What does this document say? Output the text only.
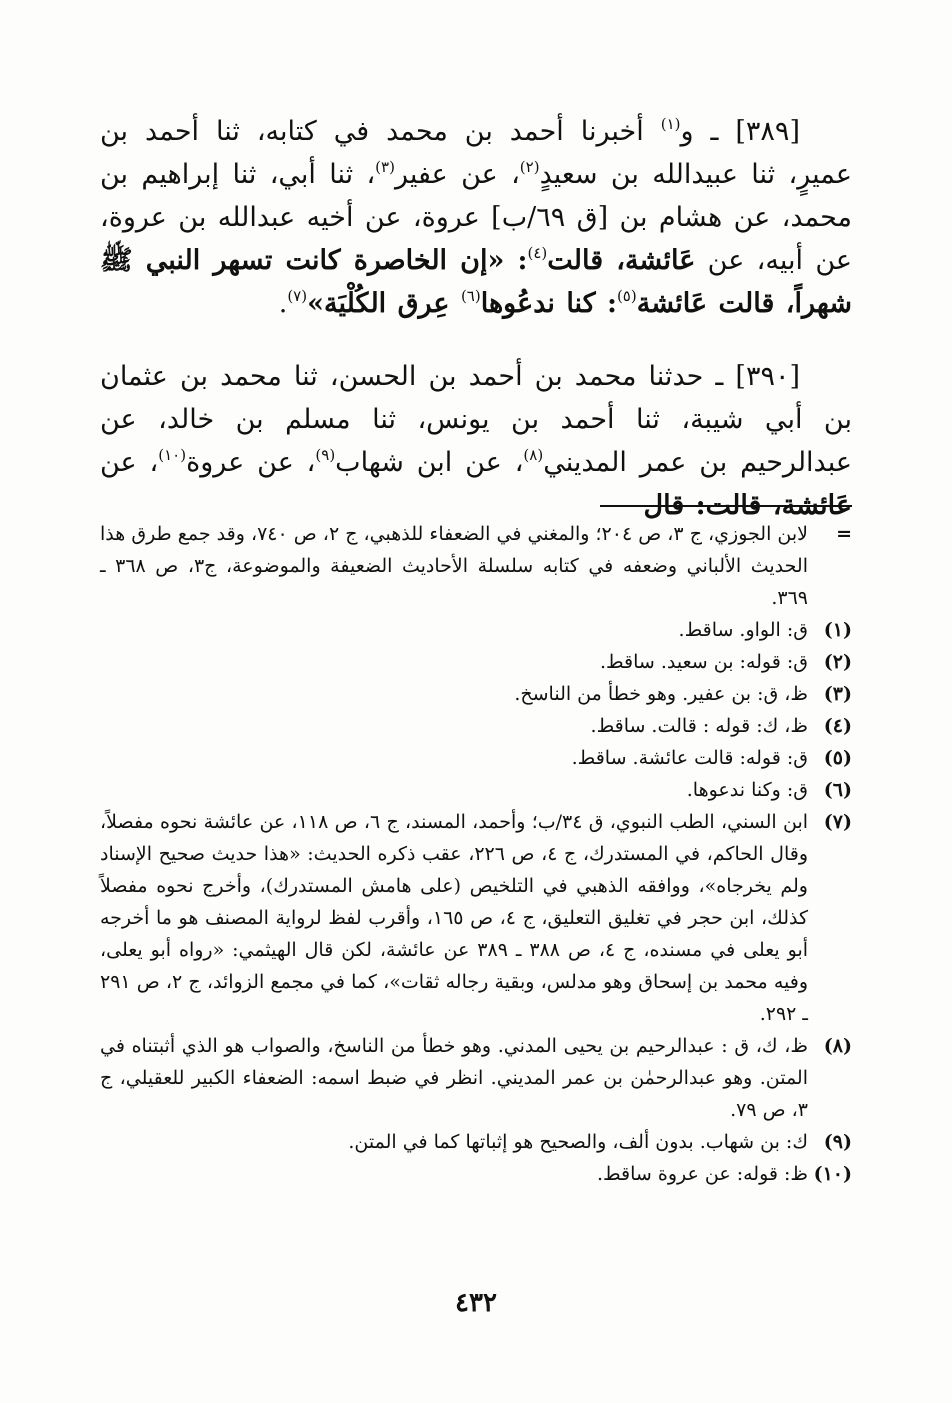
[٣٨٩] ـ و$^{(١)}$ أخبرنا أحمد بن محمد في كتابه، ثنا أحمد بن عميرٍ، ثنا عبيدالله بن سعيدٍ$^{(٢)}$، عن عفير$^{(٣)}$، ثنا أبي، ثنا إبراهيم بن محمد، عن هشام بن [ق ٦٩/ب] عروة، عن أخيه عبدالله بن عروة، عن أبيه، عن عَائشة، قالت$^{(٤)}$: «إن الخاصرة كانت تسهر النبي ﷺ شهراً، قالت عَائشة$^{(٥)}$: كنا ندعُوها$^{(٦)}$ عِرق الكُلْيَة»$^{(٧)}$.

[٣٩٠] ـ حدثنا محمد بن أحمد بن الحسن، ثنا محمد بن عثمان بن أبي شيبة، ثنا أحمد بن يونس، ثنا مسلم بن خالد، عن عبدالرحيم بن عمر المديني$^{(٨)}$، عن ابن شهاب$^{(٩)}$، عن عروة$^{(١٠)}$، عن عَائشة، قالت: قال

=
لابن الجوزي، ج ٣، ص ٢٠٤؛ والمغني في الضعفاء للذهبي، ج ٢، ص ٧٤٠، وقد جمع طرق هذا الحديث الألباني وضعفه في كتابه سلسلة الأحاديث الضعيفة والموضوعة، ج٣، ص ٣٦٨ ـ ٣٦٩.
(١)
ق: الواو. ساقط.
(٢)
ق: قوله: بن سعيد. ساقط.
(٣)
ظ، ق: بن عفير. وهو خطأ من الناسخ.
(٤)
ظ، ك: قوله : قالت. ساقط.
(٥)
ق: قوله: قالت عائشة. ساقط.
(٦)
ق: وكنا ندعوها.
(٧)
ابن السني، الطب النبوي، ق ٣٤/ب؛ وأحمد، المسند، ج ٦، ص ١١٨، عن عائشة نحوه مفصلاً، وقال الحاكم، في المستدرك، ج ٤، ص ٢٢٦، عقب ذكره الحديث: «هذا حديث صحيح الإسناد ولم يخرجاه»، ووافقه الذهبي في التلخيص (على هامش المستدرك)، وأخرج نحوه مفصلاً كذلك، ابن حجر في تغليق التعليق، ج ٤، ص ١٦٥، وأقرب لفظ لرواية المصنف هو ما أخرجه أبو يعلى في مسنده، ج ٤، ص ٣٨٨ ـ ٣٨٩ عن عائشة، لكن قال الهيثمي: «رواه أبو يعلى، وفيه محمد بن إسحاق وهو مدلس، وبقية رجاله ثقات»، كما في مجمع الزوائد، ج ٢، ص ٢٩١ ـ ٢٩٢.
(٨)
ظ، ك، ق : عبدالرحيم بن يحيى المدني. وهو خطأ من الناسخ، والصواب هو الذي أثبتناه في المتن. وهو عبدالرحمٰن بن عمر المديني. انظر في ضبط اسمه: الضعفاء الكبير للعقيلي، ج ٣، ص ٧٩.
(٩)
ك: بن شهاب. بدون ألف، والصحيح هو إثباتها كما في المتن.
(١٠)
ظ: قوله: عن عروة ساقط.
٤٣٢
